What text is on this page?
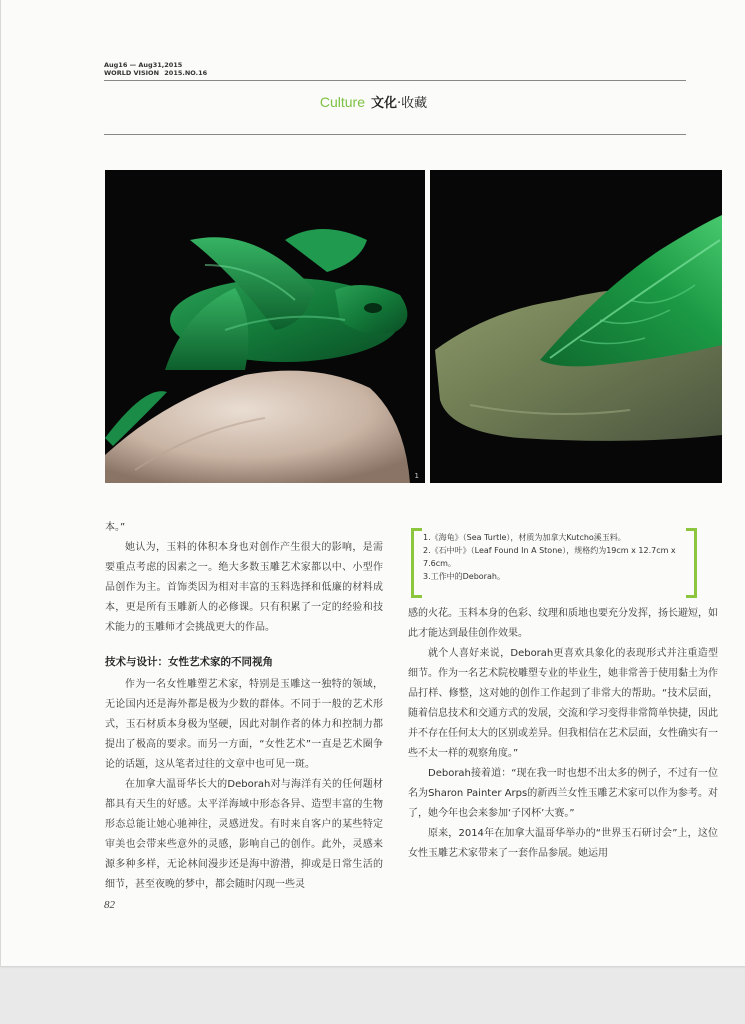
Aug16 — Aug31,2015
WORLD VISION 2015.NO.16
Culture 文化·收藏
1

本。”

她认为，玉料的体积本身也对创作产生很大的影响，是需要重点考虑的因素之一。绝大多数玉雕艺术家都以中、小型作品创作为主。首饰类因为相对丰富的玉料选择和低廉的材料成本，更是所有玉雕新人的必修课。只有积累了一定的经验和技术能力的玉雕师才会挑战更大的作品。

技术与设计：女性艺术家的不同视角

作为一名女性雕塑艺术家，特别是玉雕这一独特的领域，无论国内还是海外都是极为少数的群体。不同于一般的艺术形式，玉石材质本身极为坚硬，因此对制作者的体力和控制力都提出了极高的要求。而另一方面，“女性艺术”一直是艺术圈争论的话题，这从笔者过往的文章中也可见一斑。

在加拿大温哥华长大的Deborah对与海洋有关的任何题材都具有天生的好感。太平洋海域中形态各异、造型丰富的生物形态总能让她心驰神往，灵感迸发。有时来自客户的某些特定审美也会带来些意外的灵感，影响自己的创作。此外，灵感来源多种多样，无论林间漫步还是海中游潜，抑或是日常生活的细节，甚至夜晚的梦中，都会随时闪现一些灵

1.《海龟》（Sea Turtle），材质为加拿大Kutcho溪玉料。
2.《石中叶》（Leaf Found In A Stone），规格约为19cm x 12.7cm x 7.6cm。
3.工作中的Deborah。

感的火花。玉料本身的色彩、纹理和质地也要充分发挥，扬长避短，如此才能达到最佳创作效果。

就个人喜好来说，Deborah更喜欢具象化的表现形式并注重造型细节。作为一名艺术院校雕塑专业的毕业生，她非常善于使用黏土为作品打样、修整，这对她的创作工作起到了非常大的帮助。“技术层面，随着信息技术和交通方式的发展，交流和学习变得非常简单快捷，因此并不存在任何太大的区别或差异。但我相信在艺术层面，女性确实有一些不太一样的观察角度。”

Deborah接着道：“现在我一时也想不出太多的例子，不过有一位名为Sharon Painter Arps的新西兰女性玉雕艺术家可以作为参考。对了，她今年也会来参加‘子冈杯’大赛。”

原来，2014年在加拿大温哥华举办的“世界玉石研讨会”上，这位女性玉雕艺术家带来了一套作品参展。她运用

82
